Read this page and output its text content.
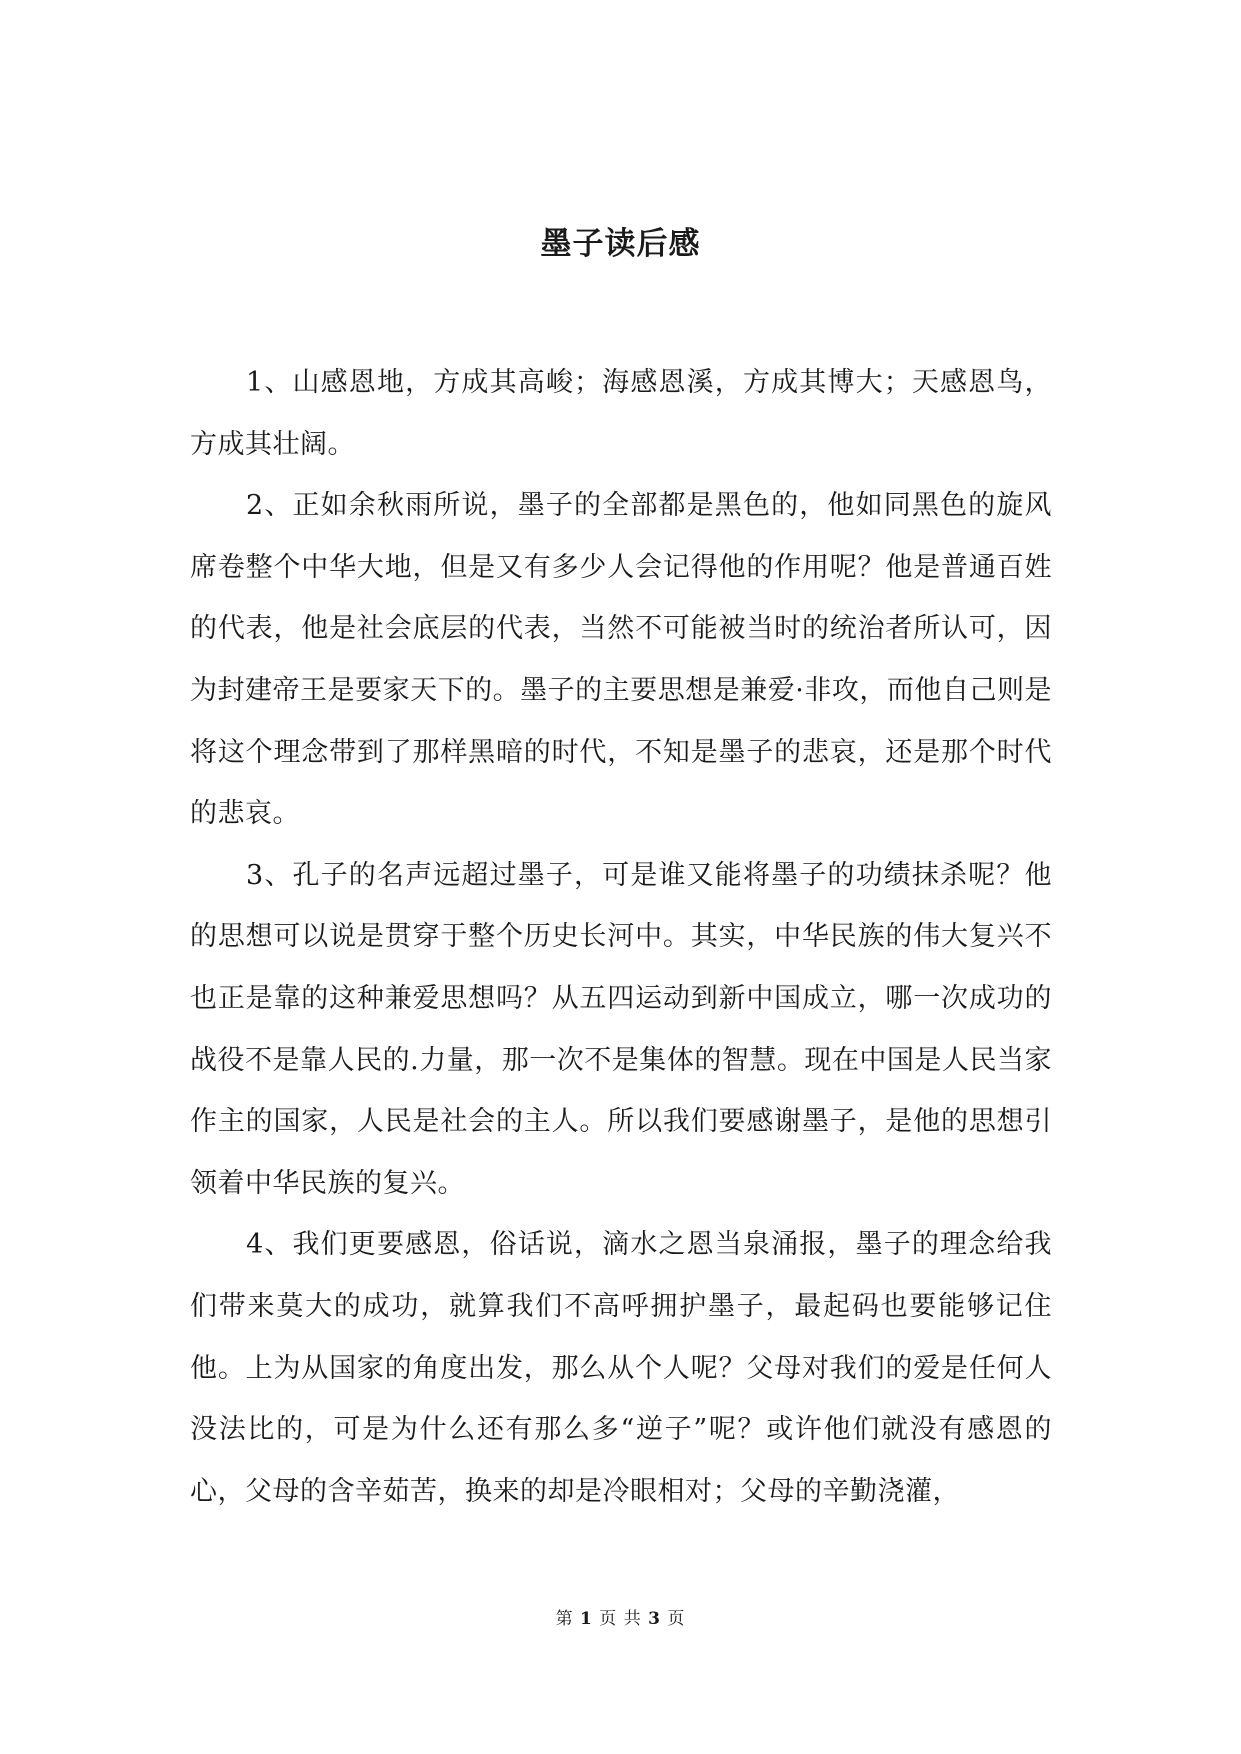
墨子读后感

1、山感恩地，方成其高峻；海感恩溪，方成其博大；天感恩鸟，方成其壮阔。

2、正如余秋雨所说，墨子的全部都是黑色的，他如同黑色的旋风席卷整个中华大地，但是又有多少人会记得他的作用呢？他是普通百姓的代表，他是社会底层的代表，当然不可能被当时的统治者所认可，因为封建帝王是要家天下的。墨子的主要思想是兼爱·非攻，而他自己则是将这个理念带到了那样黑暗的时代，不知是墨子的悲哀，还是那个时代的悲哀。

3、孔子的名声远超过墨子，可是谁又能将墨子的功绩抹杀呢？他的思想可以说是贯穿于整个历史长河中。其实，中华民族的伟大复兴不也正是靠的这种兼爱思想吗？从五四运动到新中国成立，哪一次成功的战役不是靠人民的.力量，那一次不是集体的智慧。现在中国是人民当家作主的国家，人民是社会的主人。所以我们要感谢墨子，是他的思想引领着中华民族的复兴。

4、我们更要感恩，俗话说，滴水之恩当泉涌报，墨子的理念给我们带来莫大的成功，就算我们不高呼拥护墨子，最起码也要能够记住他。上为从国家的角度出发，那么从个人呢？父母对我们的爱是任何人没法比的，可是为什么还有那么多“逆子”呢？或许他们就没有感恩的心，父母的含辛茹苦，换来的却是冷眼相对；父母的辛勤浇灌，

第 1 页 共 3 页
